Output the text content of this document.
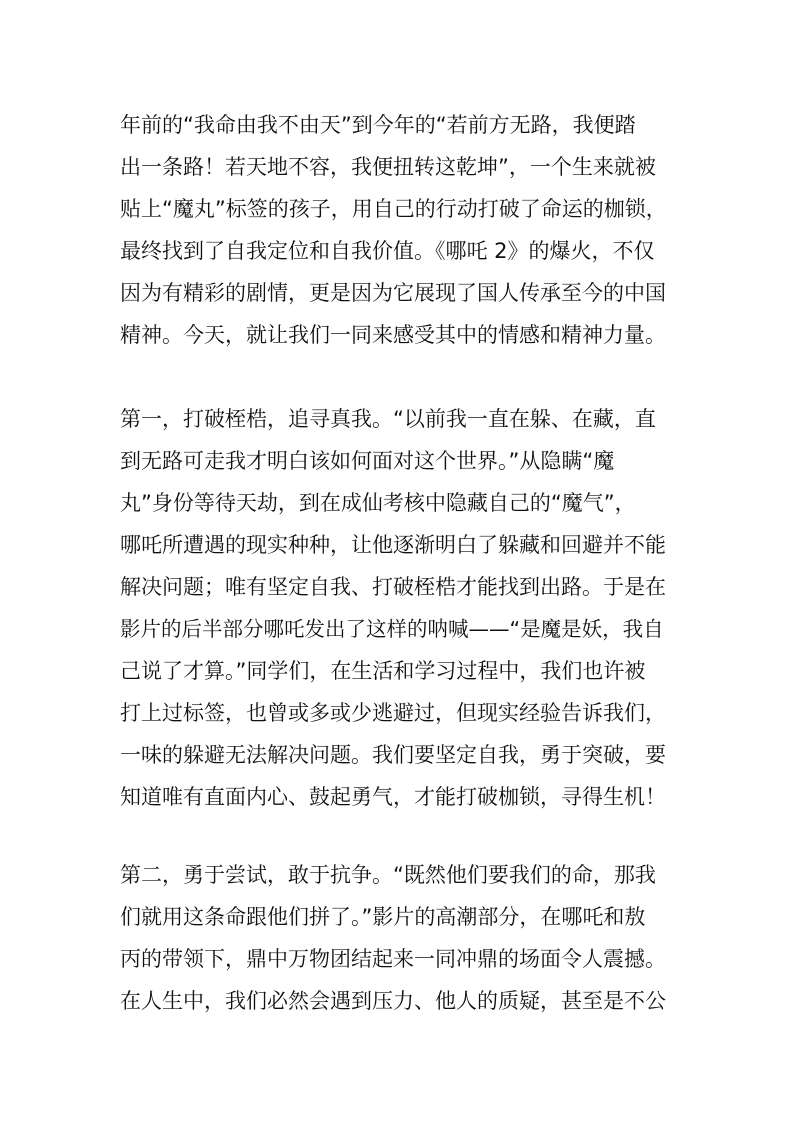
年前的“我命由我不由天”到今年的“若前方无路，我便踏
出一条路！若天地不容，我便扭转这乾坤”，一个生来就被
贴上“魔丸”标签的孩子，用自己的行动打破了命运的枷锁，
最终找到了自我定位和自我价值。《哪吒 2》的爆火，不仅
因为有精彩的剧情，更是因为它展现了国人传承至今的中国
精神。今天，就让我们一同来感受其中的情感和精神力量。
第一，打破桎梏，追寻真我。“以前我一直在躲、在藏，直
到无路可走我才明白该如何面对这个世界。”从隐瞒“魔
丸”身份等待天劫，到在成仙考核中隐藏自己的“魔气”，
哪吒所遭遇的现实种种，让他逐渐明白了躲藏和回避并不能
解决问题；唯有坚定自我、打破桎梏才能找到出路。于是在
影片的后半部分哪吒发出了这样的呐喊——“是魔是妖，我自
己说了才算。”同学们，在生活和学习过程中，我们也许被
打上过标签，也曾或多或少逃避过，但现实经验告诉我们，
一味的躲避无法解决问题。我们要坚定自我，勇于突破，要
知道唯有直面内心、鼓起勇气，才能打破枷锁，寻得生机！
第二，勇于尝试，敢于抗争。“既然他们要我们的命，那我
们就用这条命跟他们拼了。”影片的高潮部分，在哪吒和敖
丙的带领下，鼎中万物团结起来一同冲鼎的场面令人震撼。
在人生中，我们必然会遇到压力、他人的质疑，甚至是不公
